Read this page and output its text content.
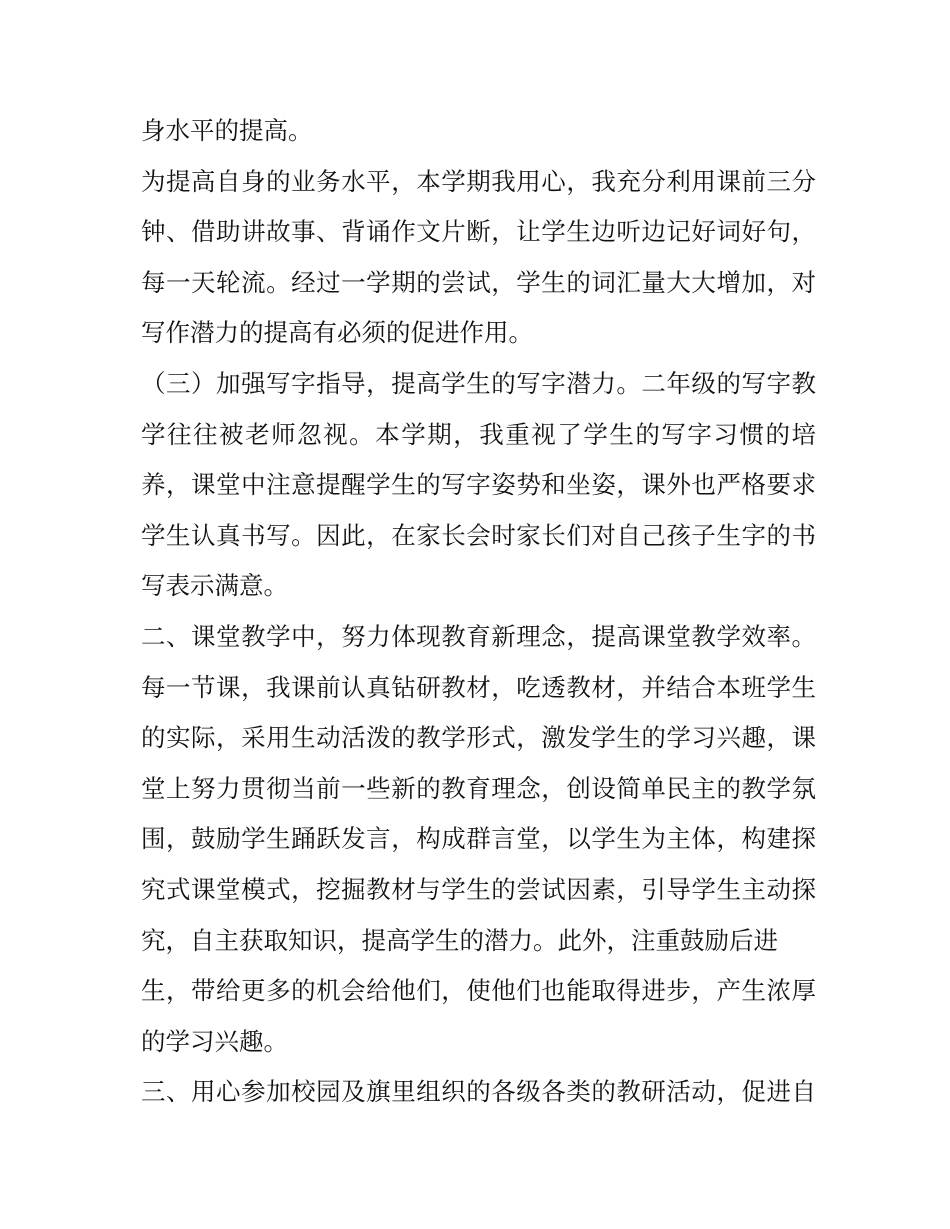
身水平的提高。
为提高自身的业务水平，本学期我用心，我充分利用课前三分
钟、借助讲故事、背诵作文片断，让学生边听边记好词好句，
每一天轮流。经过一学期的尝试，学生的词汇量大大增加，对
写作潜力的提高有必须的促进作用。
（三）加强写字指导，提高学生的写字潜力。二年级的写字教
学往往被老师忽视。本学期，我重视了学生的写字习惯的培
养，课堂中注意提醒学生的写字姿势和坐姿，课外也严格要求
学生认真书写。因此，在家长会时家长们对自己孩子生字的书
写表示满意。
二、课堂教学中，努力体现教育新理念，提高课堂教学效率。
每一节课，我课前认真钻研教材，吃透教材，并结合本班学生
的实际，采用生动活泼的教学形式，激发学生的学习兴趣，课
堂上努力贯彻当前一些新的教育理念，创设简单民主的教学氛
围，鼓励学生踊跃发言，构成群言堂，以学生为主体，构建探
究式课堂模式，挖掘教材与学生的尝试因素，引导学生主动探
究，自主获取知识，提高学生的潜力。此外，注重鼓励后进
生，带给更多的机会给他们，使他们也能取得进步，产生浓厚
的学习兴趣。
三、用心参加校园及旗里组织的各级各类的教研活动，促进自
